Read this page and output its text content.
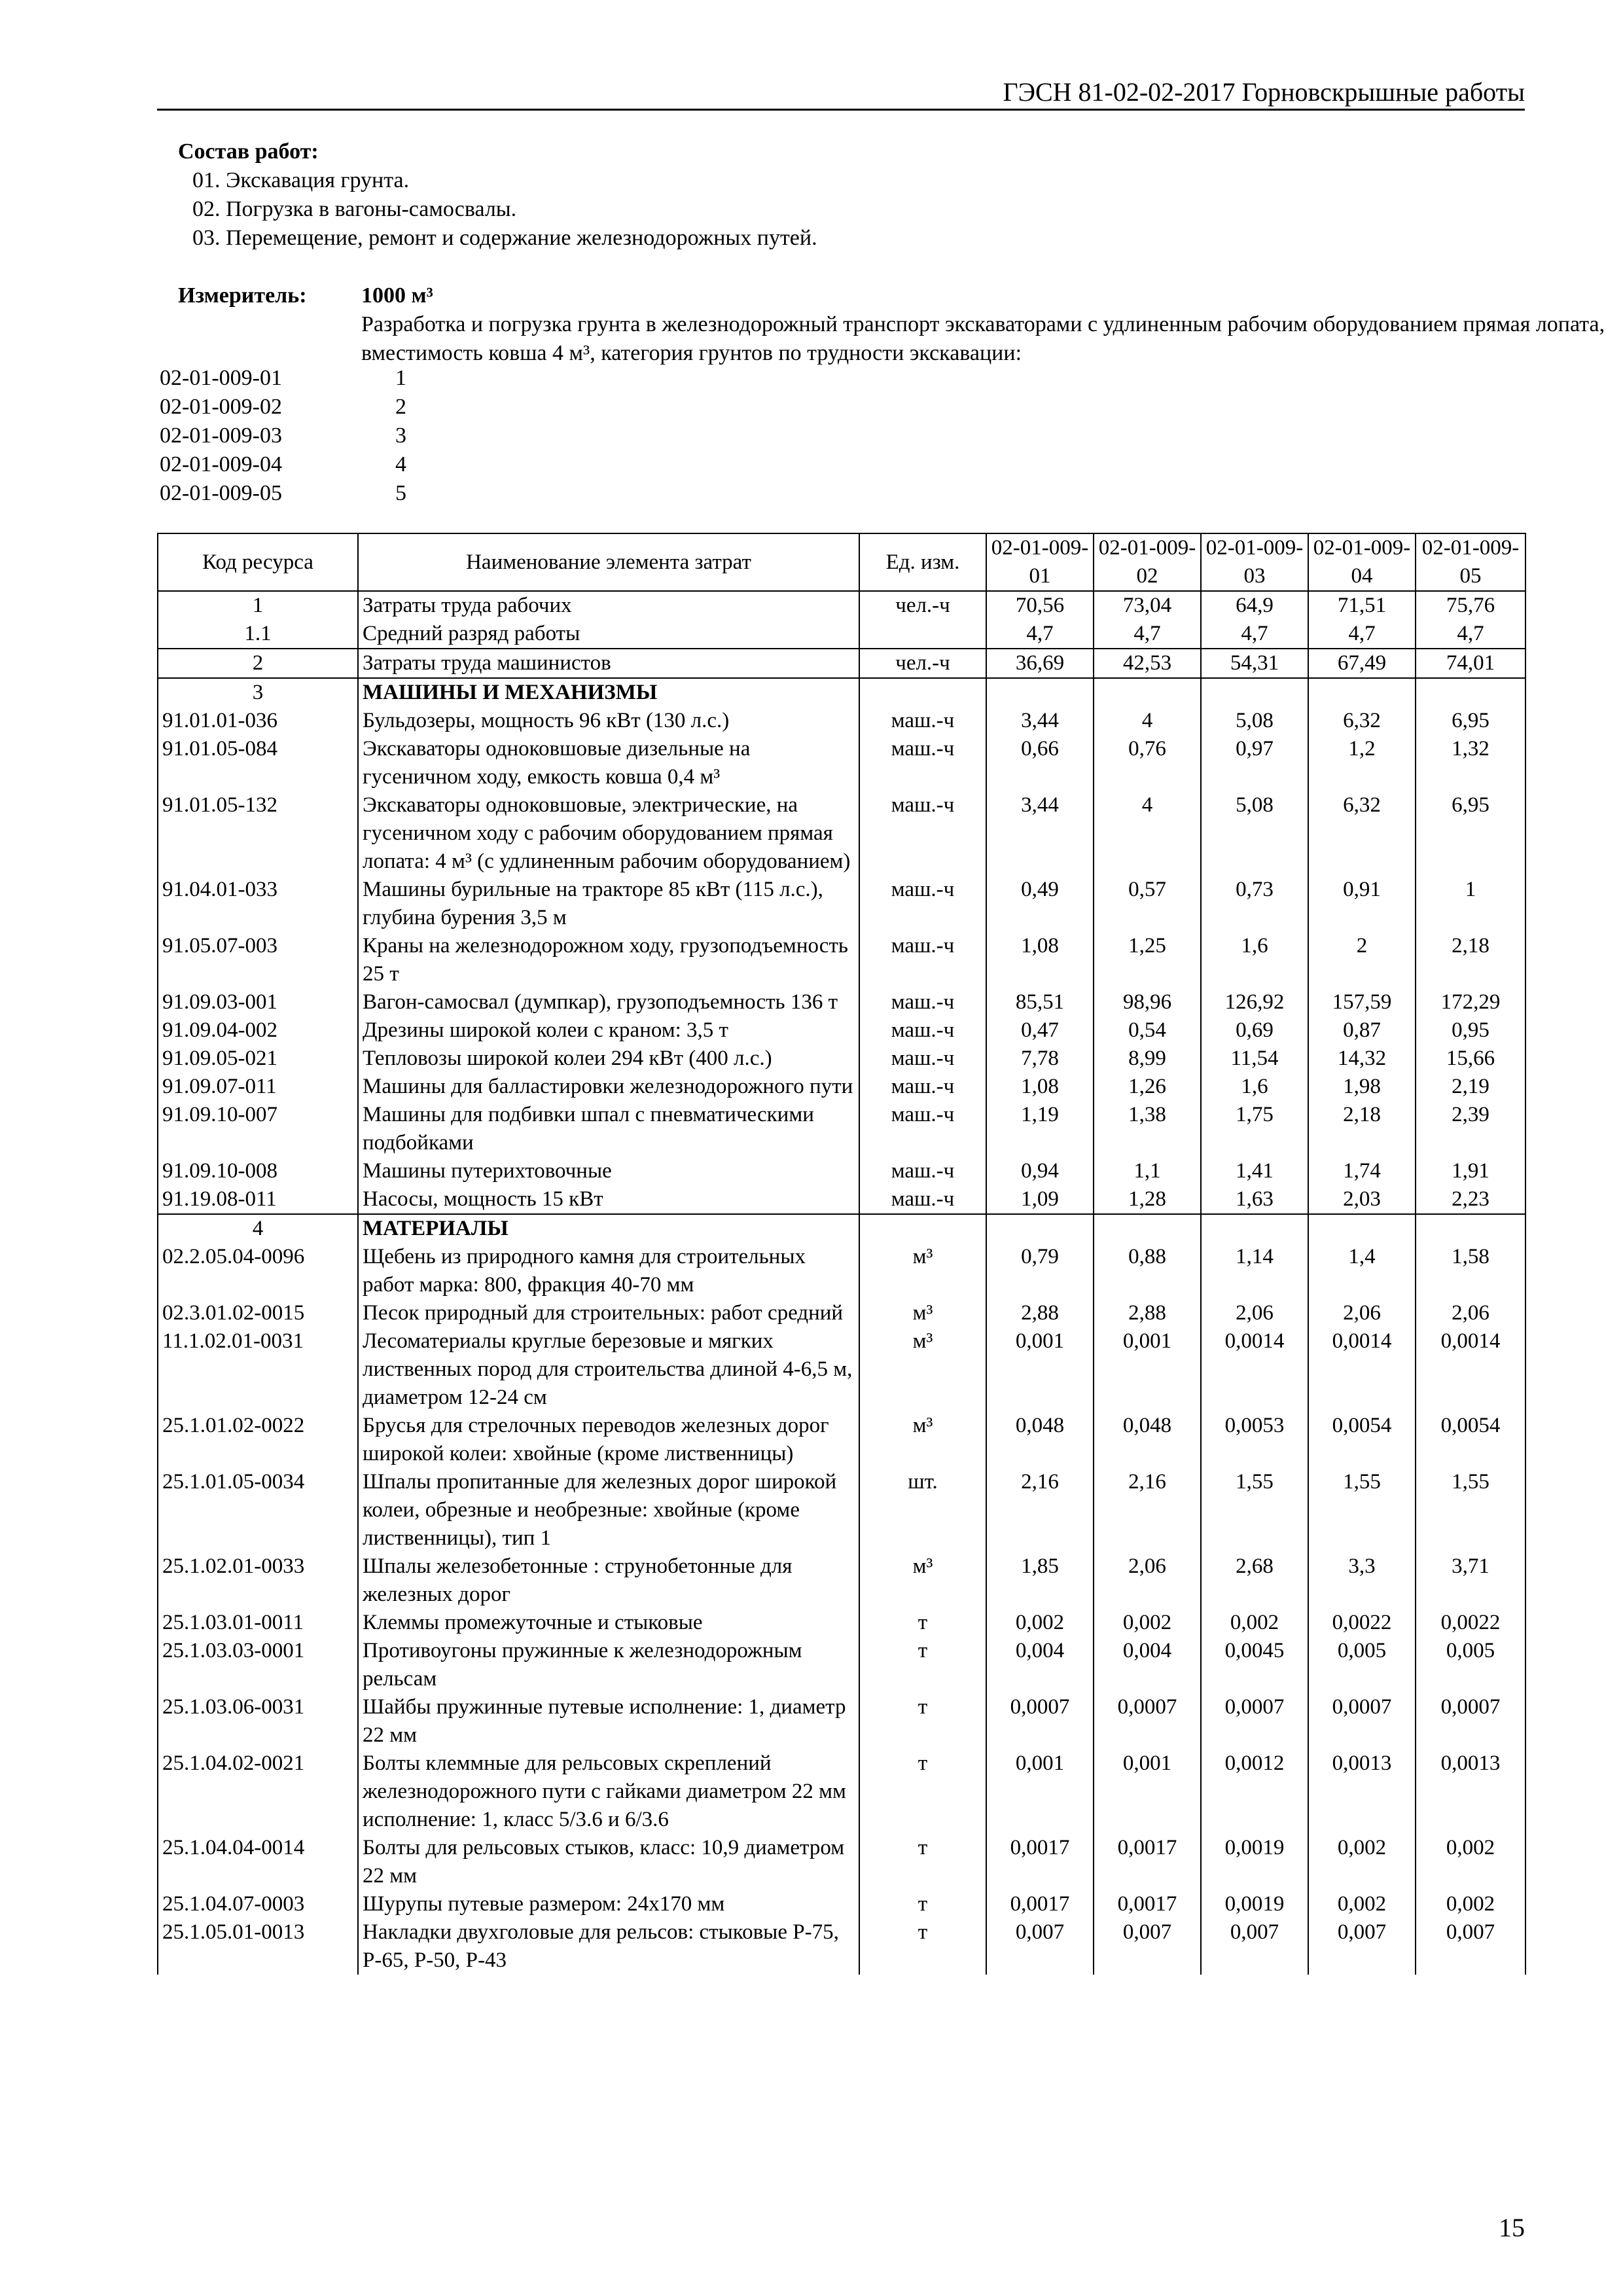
ГЭСН 81-02-02-2017 Горновскрышные работы
Состав работ:
01. Экскавация грунта.
02. Погрузка в вагоны-самосвалы.
03. Перемещение, ремонт и содержание железнодорожных путей.
Измеритель: 1000 м³
Разработка и погрузка грунта в железнодорожный транспорт экскаваторами с удлиненным рабочим оборудованием прямая лопата, вместимость ковша 4 м³, категория грунтов по трудности экскавации:
02-01-009-01	1
02-01-009-02	2
02-01-009-03	3
02-01-009-04	4
02-01-009-05	5
Код ресурса	Наименование элемента затрат	Ед. изм.	02-01-009-01	02-01-009-02	02-01-009-03	02-01-009-04	02-01-009-05
1	Затраты труда рабочих	чел.-ч	70,56	73,04	64,9	71,51	75,76
1.1	Средний разряд работы		4,7	4,7	4,7	4,7	4,7
2	Затраты труда машинистов	чел.-ч	36,69	42,53	54,31	67,49	74,01
3	МАШИНЫ И МЕХАНИЗМЫ						
91.01.01-036	Бульдозеры, мощность 96 кВт (130 л.с.)	маш.-ч	3,44	4	5,08	6,32	6,95
91.01.05-084	Экскаваторы одноковшовые дизельные на гусеничном ходу, емкость ковша 0,4 м³	маш.-ч	0,66	0,76	0,97	1,2	1,32
91.01.05-132	Экскаваторы одноковшовые, электрические, на гусеничном ходу с рабочим оборудованием прямая лопата: 4 м³ (с удлиненным рабочим оборудованием)	маш.-ч	3,44	4	5,08	6,32	6,95
91.04.01-033	Машины бурильные на тракторе 85 кВт (115 л.с.), глубина бурения 3,5 м	маш.-ч	0,49	0,57	0,73	0,91	1
91.05.07-003	Краны на железнодорожном ходу, грузоподъемность 25 т	маш.-ч	1,08	1,25	1,6	2	2,18
91.09.03-001	Вагон-самосвал (думпкар), грузоподъемность 136 т	маш.-ч	85,51	98,96	126,92	157,59	172,29
91.09.04-002	Дрезины широкой колеи с краном: 3,5 т	маш.-ч	0,47	0,54	0,69	0,87	0,95
91.09.05-021	Тепловозы широкой колеи 294 кВт (400 л.с.)	маш.-ч	7,78	8,99	11,54	14,32	15,66
91.09.07-011	Машины для балластировки железнодорожного пути	маш.-ч	1,08	1,26	1,6	1,98	2,19
91.09.10-007	Машины для подбивки шпал с пневматическими подбойками	маш.-ч	1,19	1,38	1,75	2,18	2,39
91.09.10-008	Машины путерихтовочные	маш.-ч	0,94	1,1	1,41	1,74	1,91
91.19.08-011	Насосы, мощность 15 кВт	маш.-ч	1,09	1,28	1,63	2,03	2,23
4	МАТЕРИАЛЫ						
02.2.05.04-0096	Щебень из природного камня для строительных работ марка: 800, фракция 40-70 мм	м³	0,79	0,88	1,14	1,4	1,58
02.3.01.02-0015	Песок природный для строительных: работ средний	м³	2,88	2,88	2,06	2,06	2,06
11.1.02.01-0031	Лесоматериалы круглые березовые и мягких лиственных пород для строительства длиной 4-6,5 м, диаметром 12-24 см	м³	0,001	0,001	0,0014	0,0014	0,0014
25.1.01.02-0022	Брусья для стрелочных переводов железных дорог широкой колеи: хвойные (кроме лиственницы)	м³	0,048	0,048	0,0053	0,0054	0,0054
25.1.01.05-0034	Шпалы пропитанные для железных дорог широкой колеи, обрезные и необрезные: хвойные (кроме лиственницы), тип 1	шт.	2,16	2,16	1,55	1,55	1,55
25.1.02.01-0033	Шпалы железобетонные : струнобетонные для железных дорог	м³	1,85	2,06	2,68	3,3	3,71
25.1.03.01-0011	Клеммы промежуточные и стыковые	т	0,002	0,002	0,002	0,0022	0,0022
25.1.03.03-0001	Противоугоны пружинные к железнодорожным рельсам	т	0,004	0,004	0,0045	0,005	0,005
25.1.03.06-0031	Шайбы пружинные путевые исполнение: 1, диаметр 22 мм	т	0,0007	0,0007	0,0007	0,0007	0,0007
25.1.04.02-0021	Болты клеммные для рельсовых скреплений железнодорожного пути с гайками диаметром 22 мм исполнение: 1, класс 5/3.6 и 6/3.6	т	0,001	0,001	0,0012	0,0013	0,0013
25.1.04.04-0014	Болты для рельсовых стыков, класс: 10,9 диаметром 22 мм	т	0,0017	0,0017	0,0019	0,002	0,002
25.1.04.07-0003	Шурупы путевые размером: 24х170 мм	т	0,0017	0,0017	0,0019	0,002	0,002
25.1.05.01-0013	Накладки двухголовые для рельсов: стыковые Р-75, Р-65, Р-50, Р-43	т	0,007	0,007	0,007	0,007	0,007
15
